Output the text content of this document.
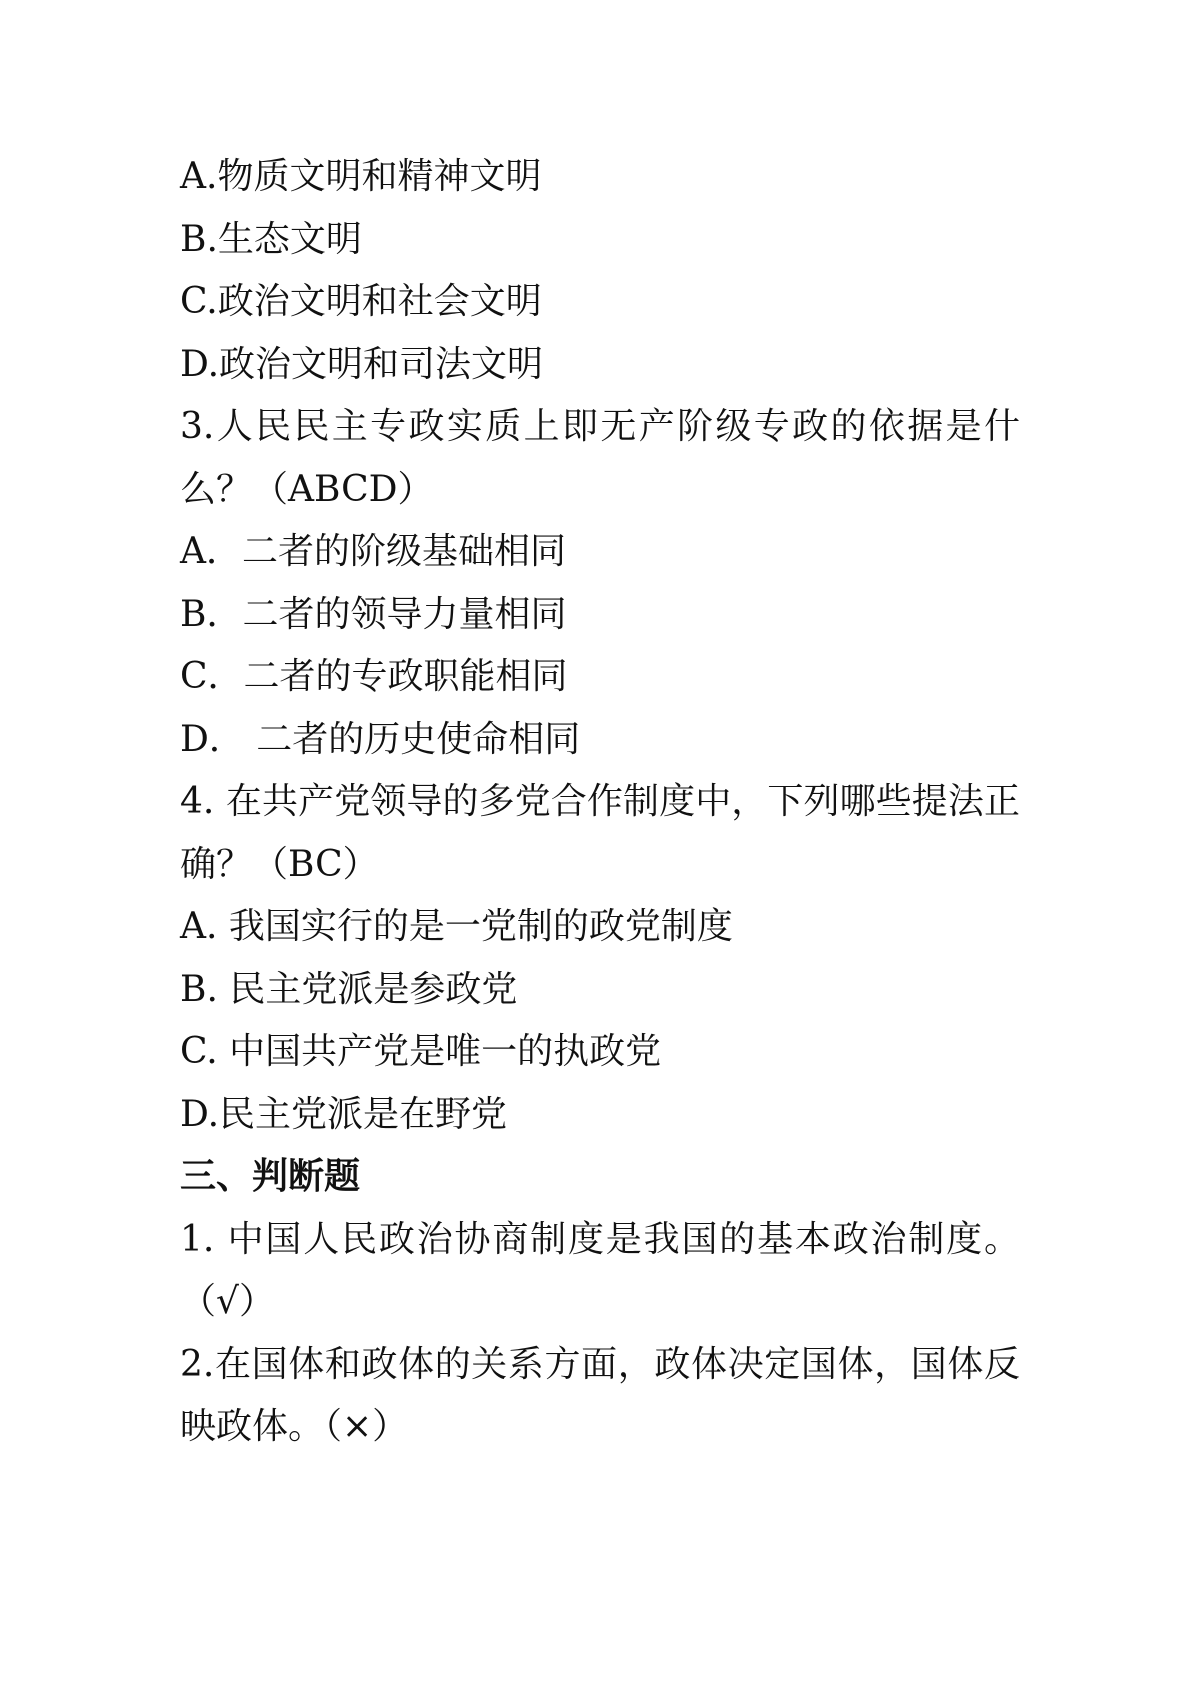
A.物质文明和精神文明
B.生态文明
C.政治文明和社会文明
D.政治文明和司法文明
3.人民民主专政实质上即无产阶级专政的依据是什
么？（ABCD）
A．二者的阶级基础相同
B．二者的领导力量相同
C．二者的专政职能相同
D． 二者的历史使命相同
4. 在共产党领导的多党合作制度中，下列哪些提法正
确？（BC）
A. 我国实行的是一党制的政党制度
B. 民主党派是参政党
C. 中国共产党是唯一的执政党
D.民主党派是在野党
三、判断题
1. 中国人民政治协商制度是我国的基本政治制度。
（√）
2.在国体和政体的关系方面，政体决定国体，国体反
映政体。（×）
